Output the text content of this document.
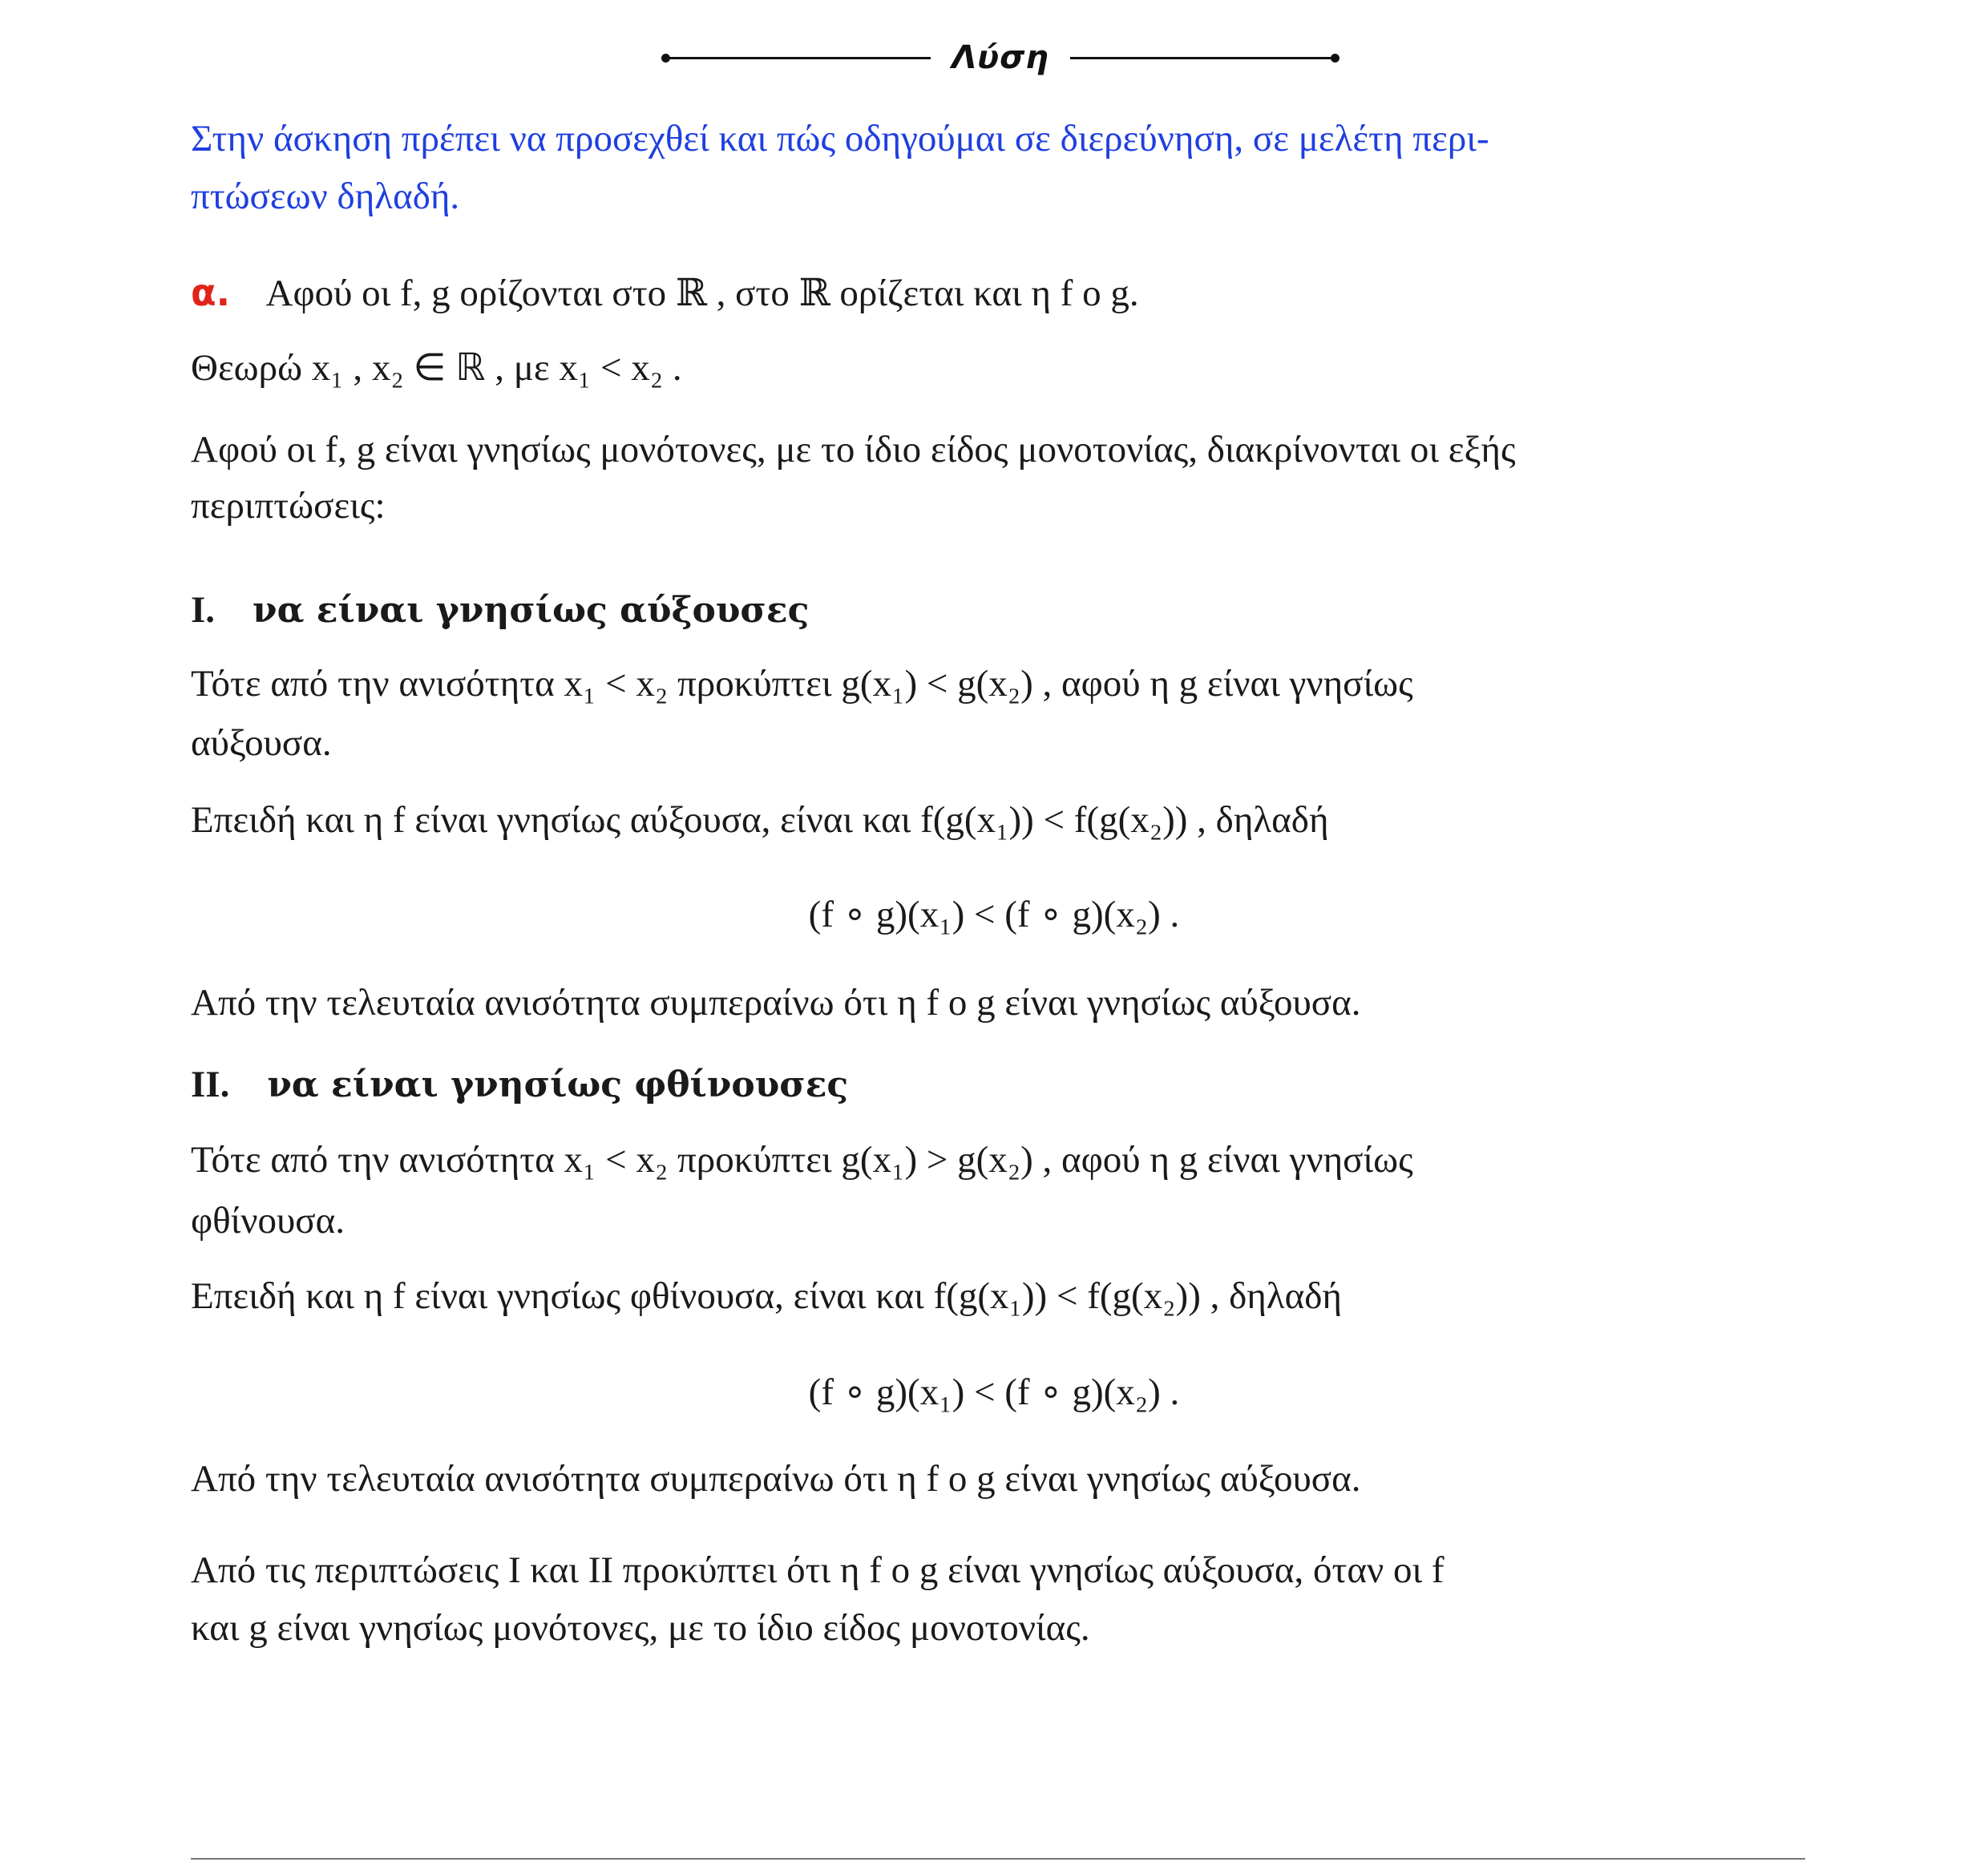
Λύση
Στην άσκηση πρέπει να προσεχθεί και πώς οδηγούμαι σε διερεύνηση, σε μελέτη περι-
πτώσεων δηλαδή.
α. Αφού οι f, g ορίζονται στο ℝ , στο ℝ ορίζεται και η f ο g.
Θεωρώ x₁ , x₂ ∈ ℝ , με x₁ < x₂ .
Αφού οι f, g είναι γνησίως μονότονες, με το ίδιο είδος μονοτονίας, διακρίνονται οι εξής
περιπτώσεις:
I. να είναι γνησίως αύξουσες
Τότε από την ανισότητα x₁ < x₂ προκύπτει g(x₁) < g(x₂) , αφού η g είναι γνησίως
αύξουσα.
Επειδή και η f είναι γνησίως αύξουσα, είναι και f(g(x₁)) < f(g(x₂)) , δηλαδή
(f ∘ g)(x₁) < (f ∘ g)(x₂) .
Από την τελευταία ανισότητα συμπεραίνω ότι η f ο g είναι γνησίως αύξουσα.
II. να είναι γνησίως φθίνουσες
Τότε από την ανισότητα x₁ < x₂ προκύπτει g(x₁) > g(x₂) , αφού η g είναι γνησίως
φθίνουσα.
Επειδή και η f είναι γνησίως φθίνουσα, είναι και f(g(x₁)) < f(g(x₂)) , δηλαδή
(f ∘ g)(x₁) < (f ∘ g)(x₂) .
Από την τελευταία ανισότητα συμπεραίνω ότι η f ο g είναι γνησίως αύξουσα.
Από τις περιπτώσεις I και II προκύπτει ότι η f ο g είναι γνησίως αύξουσα, όταν οι f
και g είναι γνησίως μονότονες, με το ίδιο είδος μονοτονίας.
